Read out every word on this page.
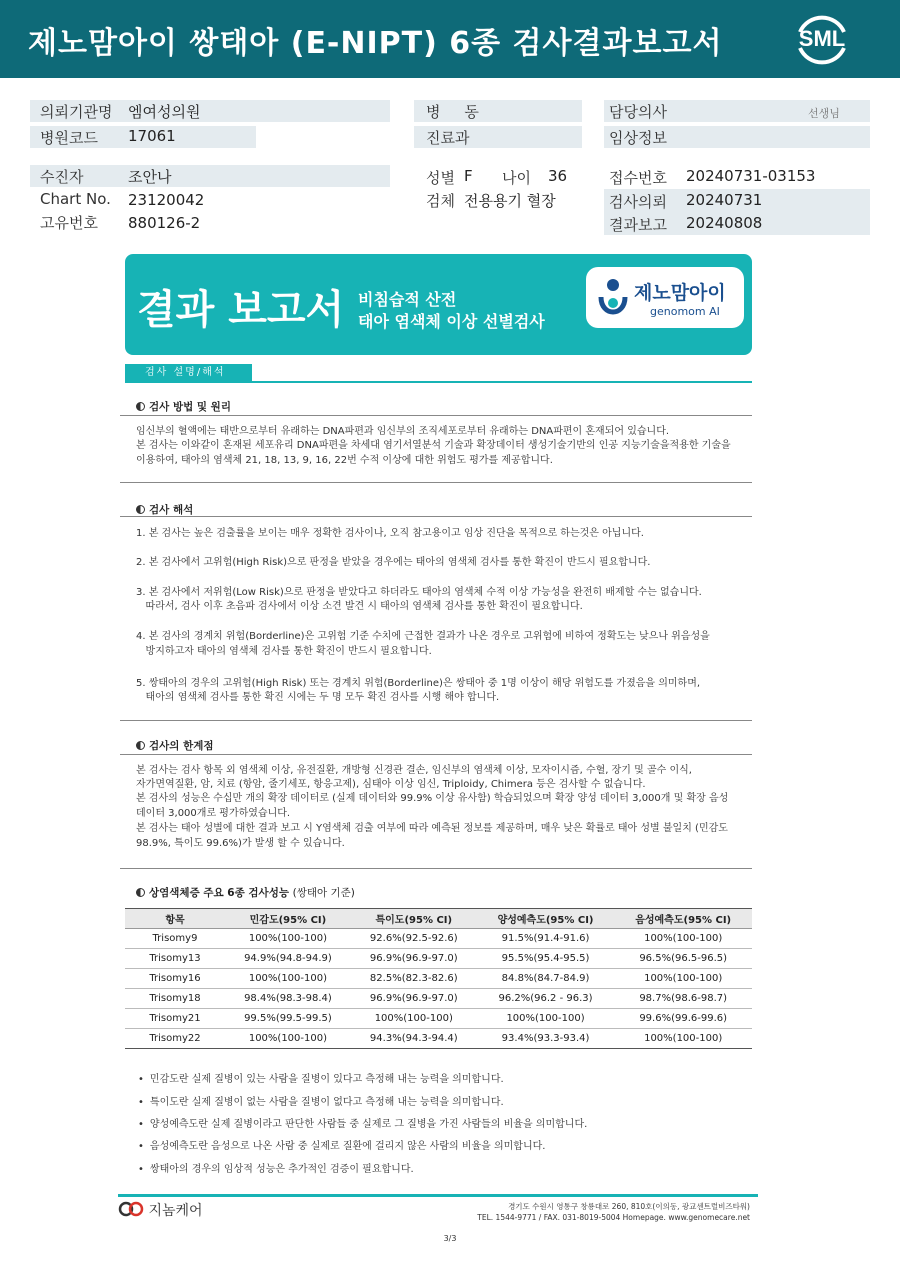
제노맘아이 쌍태아 (E-NIPT) 6종 검사결과보고서	SML
의뢰기관명 엠여성의원
병원코드 17061
병     동
진료과
담당의사	선생님
임상정보
수진자	조안나
Chart No. 23120042
고유번호 880126-2
성별 F 나이 36
검체 전용용기 혈장
접수번호 20240731-03153
검사의뢰 20240731
결과보고 20240808
결과 보고서 비침습적 산전
태아 염색체 이상 선별검사
제노맘아이
genomom AI
검사 설명/해석
검사 방법 및 원리
임신부의 혈액에는 태반으로부터 유래하는 DNA파편과 임신부의 조직세포로부터 유래하는 DNA파편이 혼재되어 있습니다.
본 검사는 이와같이 혼재된 세포유리 DNA파편을 차세대 염기서열분석 기술과 확장데이터 생성기술기반의 인공 지능기술을적용한 기술을
이용하여, 태아의 염색체 21, 18, 13, 9, 16, 22번 수적 이상에 대한 위험도 평가를 제공합니다.
검사 해석
1. 본 검사는 높은 검출률을 보이는 매우 정확한 검사이나, 오직 참고용이고 임상 진단을 목적으로 하는것은 아닙니다.
2. 본 검사에서 고위험(High Risk)으로 판정을 받았을 경우에는 태아의 염색체 검사를 통한 확진이 반드시 필요합니다.
3. 본 검사에서 저위험(Low Risk)으로 판정을 받았다고 하더라도 태아의 염색체 수적 이상 가능성을 완전히 배제할 수는 없습니다.
따라서, 검사 이후 초음파 검사에서 이상 소견 발견 시 태아의 염색체 검사를 통한 확진이 필요합니다.
4. 본 검사의 경계치 위험(Borderline)은 고위험 기준 수치에 근접한 결과가 나온 경우로 고위험에 비하여 정확도는 낮으나 위음성을
방지하고자 태아의 염색체 검사를 통한 확진이 반드시 필요합니다.
5. 쌍태아의 경우의 고위험(High Risk) 또는 경계치 위험(Borderline)은 쌍태아 중 1명 이상이 해당 위험도를 가졌음을 의미하며,
태아의 염색체 검사를 통한 확진 시에는 두 명 모두 확진 검사를 시행 해야 합니다.
검사의 한계점
본 검사는 검사 항목 외 염색체 이상, 유전질환, 개방형 신경관 결손, 임신부의 염색체 이상, 모자이시즘, 수혈, 장기 및 골수 이식,
자가면역질환, 암, 치료 (항암, 줄기세포, 항응고제), 심태아 이상 임신, Triploidy, Chimera 등은 검사할 수 없습니다.
본 검사의 성능은 수십만 개의 확장 데이터로 (실제 데이터와 99.9% 이상 유사함) 학습되었으며 확장 양성 데이터 3,000개 및 확장 음성
데이터 3,000개로 평가하였습니다.
본 검사는 태아 성별에 대한 결과 보고 시 Y염색체 검출 여부에 따라 예측된 정보를 제공하며, 매우 낮은 확률로 태아 성별 불일치 (민감도
98.9%, 특이도 99.6%)가 발생 할 수 있습니다.
상염색체증 주요 6종 검사성능 (쌍태아 기준)
항목	민감도(95% CI)	특이도(95% CI)	양성예측도(95% CI)	음성예측도(95% CI)
Trisomy9	100%(100-100)	92.6%(92.5-92.6)	91.5%(91.4-91.6)	100%(100-100)
Trisomy13	94.9%(94.8-94.9)	96.9%(96.9-97.0)	95.5%(95.4-95.5)	96.5%(96.5-96.5)
Trisomy16	100%(100-100)	82.5%(82.3-82.6)	84.8%(84.7-84.9)	100%(100-100)
Trisomy18	98.4%(98.3-98.4)	96.9%(96.9-97.0)	96.2%(96.2 - 96.3)	98.7%(98.6-98.7)
Trisomy21	99.5%(99.5-99.5)	100%(100-100)	100%(100-100)	99.6%(99.6-99.6)
Trisomy22	100%(100-100)	94.3%(94.3-94.4)	93.4%(93.3-93.4)	100%(100-100)
• 민감도란 실제 질병이 있는 사람을 질병이 있다고 측정해 내는 능력을 의미합니다.
• 특이도란 실제 질병이 없는 사람을 질병이 없다고 측정해 내는 능력을 의미합니다.
• 양성예측도란 실제 질병이라고 판단한 사람들 중 실제로 그 질병을 가진 사람들의 비율을 의미합니다.
• 음성예측도란 음성으로 나온 사람 중 실제로 질환에 걸리지 않은 사람의 비율을 의미합니다.
• 쌍태아의 경우의 임상적 성능은 추가적인 검증이 필요합니다.
지놈케어	경기도 수원시 영통구 창룡대로 260, 810호(이의동, 광교센트럴비즈타워)
TEL. 1544-9771 / FAX. 031-8019-5004 Homepage. www.genomecare.net
3/3
